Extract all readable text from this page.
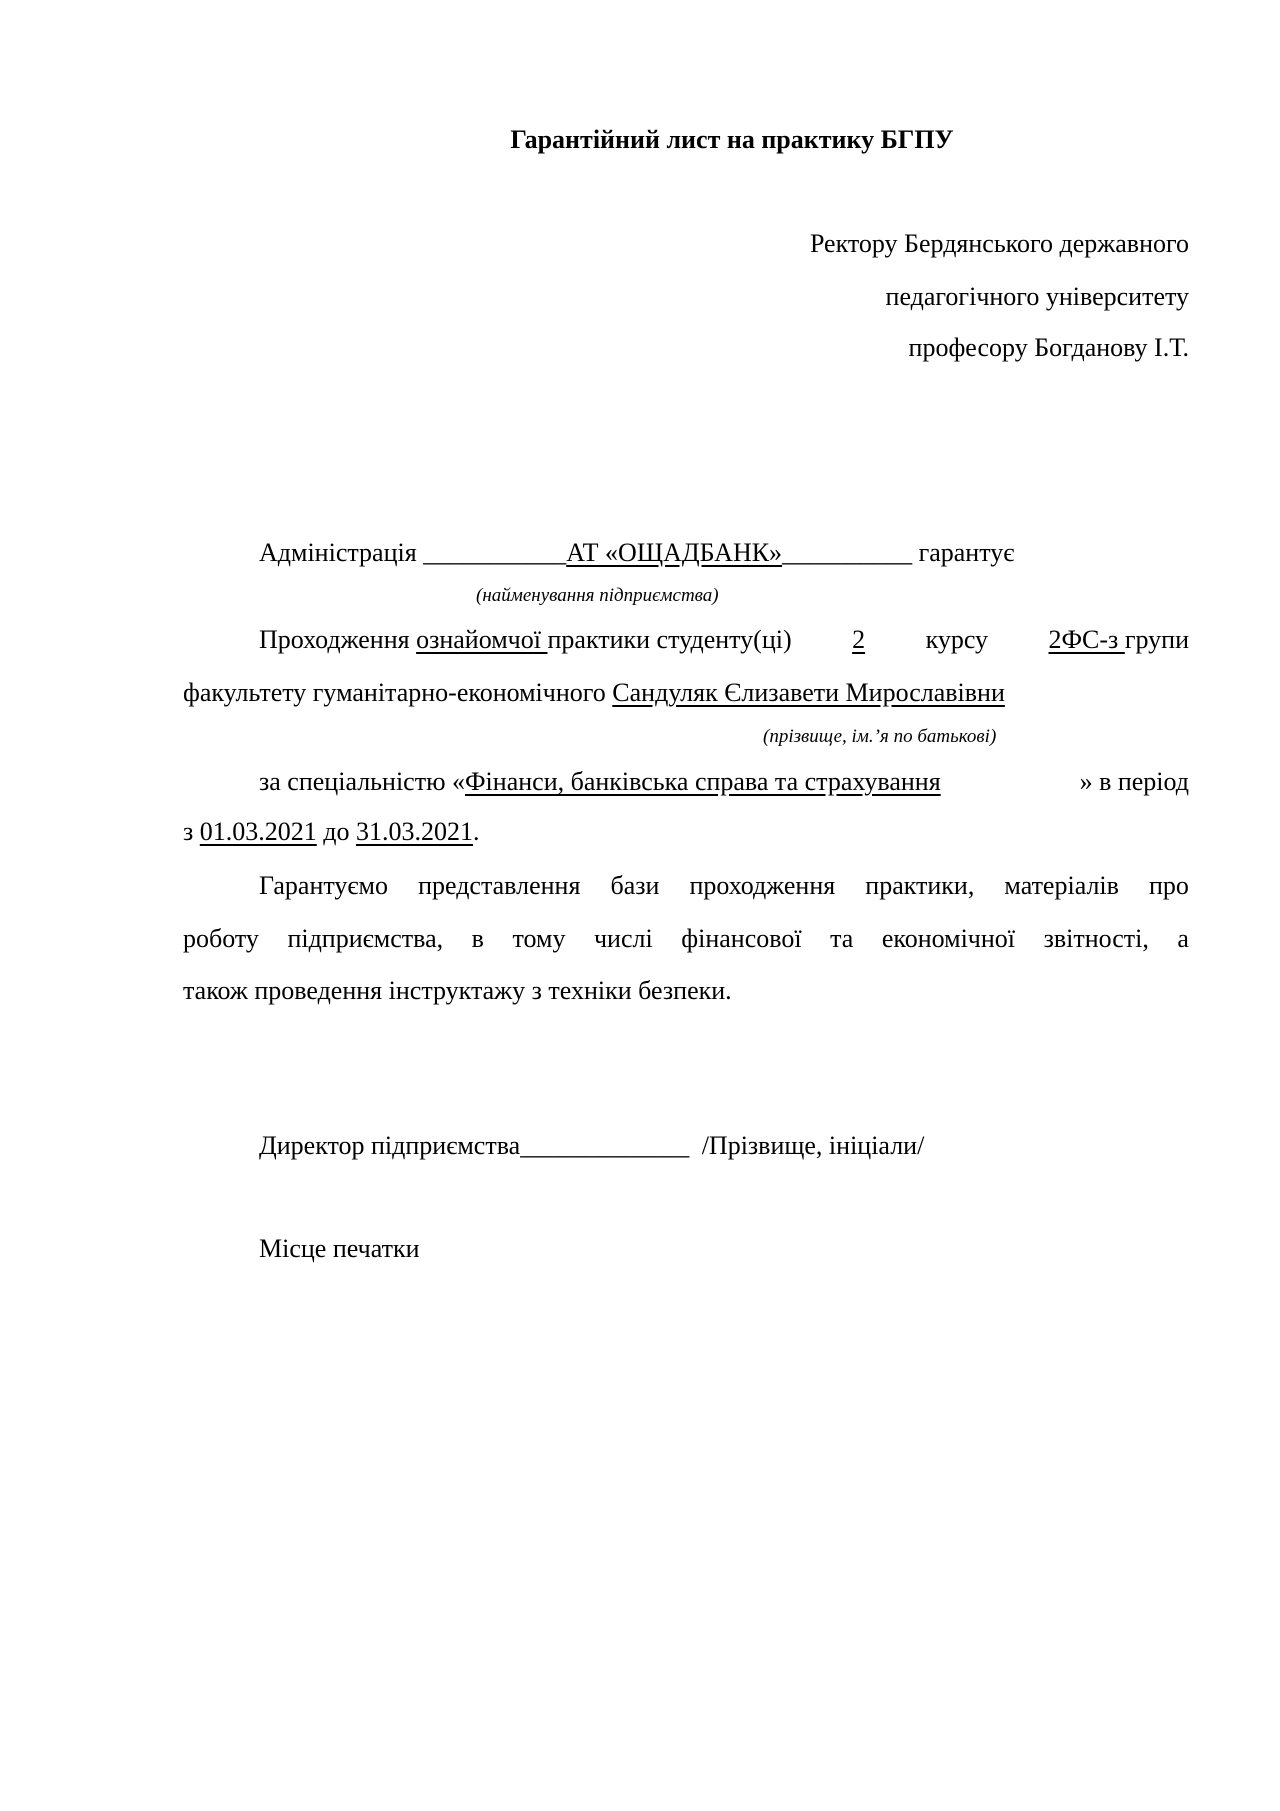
Гарантійний лист на практику БГПУ
Ректору Бердянського державного
педагогічного університету
професору Богданову І.Т.
Адміністрація ___________АТ «ОЩАДБАНК»__________ гарантує
(найменування підприємства)
Проходження ознайомчої практики студенту(ці) 2 курсу 2ФС-з групи
факультету гуманітарно-економічного Сандуляк Єлизавети Мирославівни
(прізвище, ім.’я по батькові)
за спеціальністю «Фінанси, банківська справа та страхування	» в період
з 01.03.2021 до 31.03.2021.
Гарантуємо представлення бази проходження практики, матеріалів про
роботу підприємства, в тому числі фінансової та економічної звітності, а
також проведення інструктажу з техніки безпеки.
Директор підприємства_____________ /Прізвище, ініціали/
Місце печатки
